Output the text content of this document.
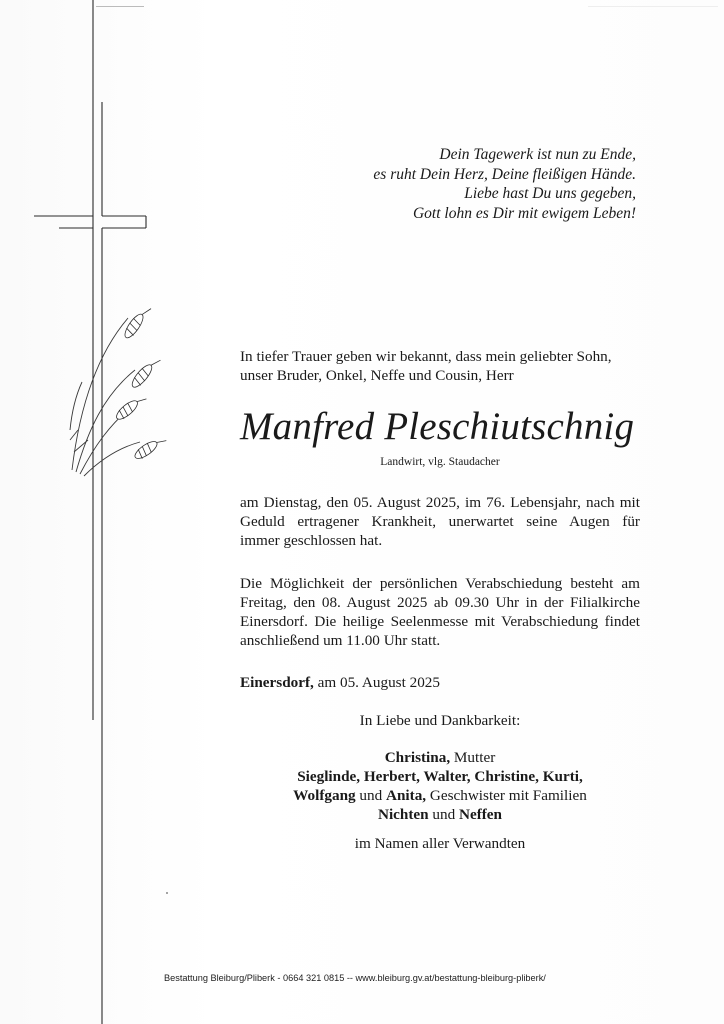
Dein Tagewerk ist nun zu Ende,
es ruht Dein Herz, Deine fleißigen Hände.
Liebe hast Du uns gegeben,
Gott lohn es Dir mit ewigem Leben!
In tiefer Trauer geben wir bekannt, dass mein geliebter Sohn,
unser Bruder, Onkel, Neffe und Cousin, Herr
Manfred Pleschiutschnig
Landwirt, vlg. Staudacher
am Dienstag, den 05. August 2025, im 76. Lebensjahr, nach mit
Geduld ertragener Krankheit, unerwartet seine Augen für
immer geschlossen hat.
Die Möglichkeit der persönlichen Verabschiedung besteht am
Freitag, den 08. August 2025 ab 09.30 Uhr in der Filialkirche
Einersdorf. Die heilige Seelenmesse mit Verabschiedung findet
anschließend um 11.00 Uhr statt.
Einersdorf, am 05. August 2025
In Liebe und Dankbarkeit:
Christina, Mutter
Sieglinde, Herbert, Walter, Christine, Kurti,
Wolfgang und Anita, Geschwister mit Familien
Nichten und Neffen
im Namen aller Verwandten
Bestattung Bleiburg/Pliberk - 0664 321 0815 -- www.bleiburg.gv.at/bestattung-bleiburg-pliberk/
